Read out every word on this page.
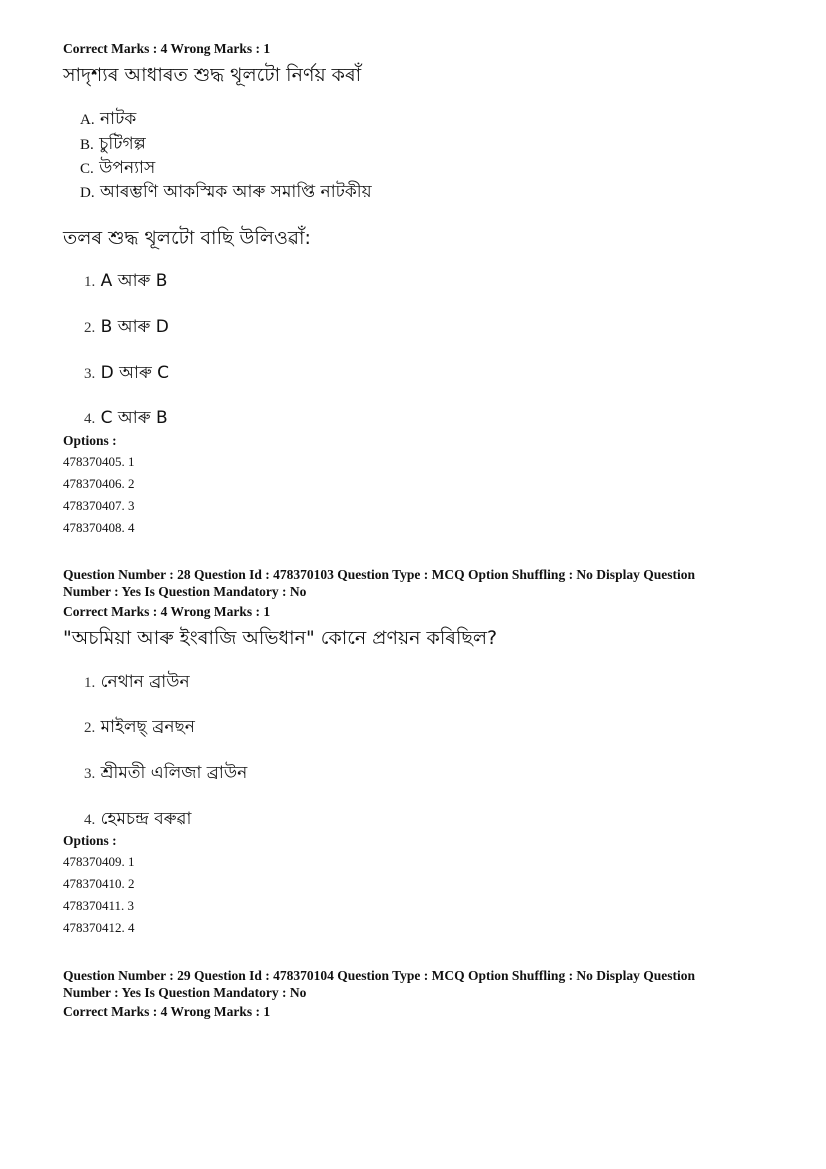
Correct Marks : 4 Wrong Marks : 1
সাদৃশ্যৰ আধাৰত শুদ্ধ থূলটো নিৰ্ণয় কৰাঁ
A. নাটক
B. চুটিগল্প
C. উপন্যাস
D. আৰম্ভণি আকস্মিক আৰু সমাপ্তি নাটকীয়
তলৰ শুদ্ধ থূলটো বাছি উলিওৱাঁ:
1. A আৰু B
2. B আৰু D
3. D আৰু C
4. C আৰু B
Options :
478370405. 1
478370406. 2
478370407. 3
478370408. 4
Question Number : 28 Question Id : 478370103 Question Type : MCQ Option Shuffling : No Display Question
Number : Yes Is Question Mandatory : No
Correct Marks : 4 Wrong Marks : 1
"অচমিয়া আৰু ইংৰাজি অভিধান" কোনে প্ৰণয়ন কৰিছিল?
1. নেথান ব্ৰাউন
2. মাইলছ্ ব্ৰনছন
3. শ্ৰীমতী এলিজা ব্ৰাউন
4. হেমচন্দ্ৰ বৰুৱা
Options :
478370409. 1
478370410. 2
478370411. 3
478370412. 4
Question Number : 29 Question Id : 478370104 Question Type : MCQ Option Shuffling : No Display Question
Number : Yes Is Question Mandatory : No
Correct Marks : 4 Wrong Marks : 1
